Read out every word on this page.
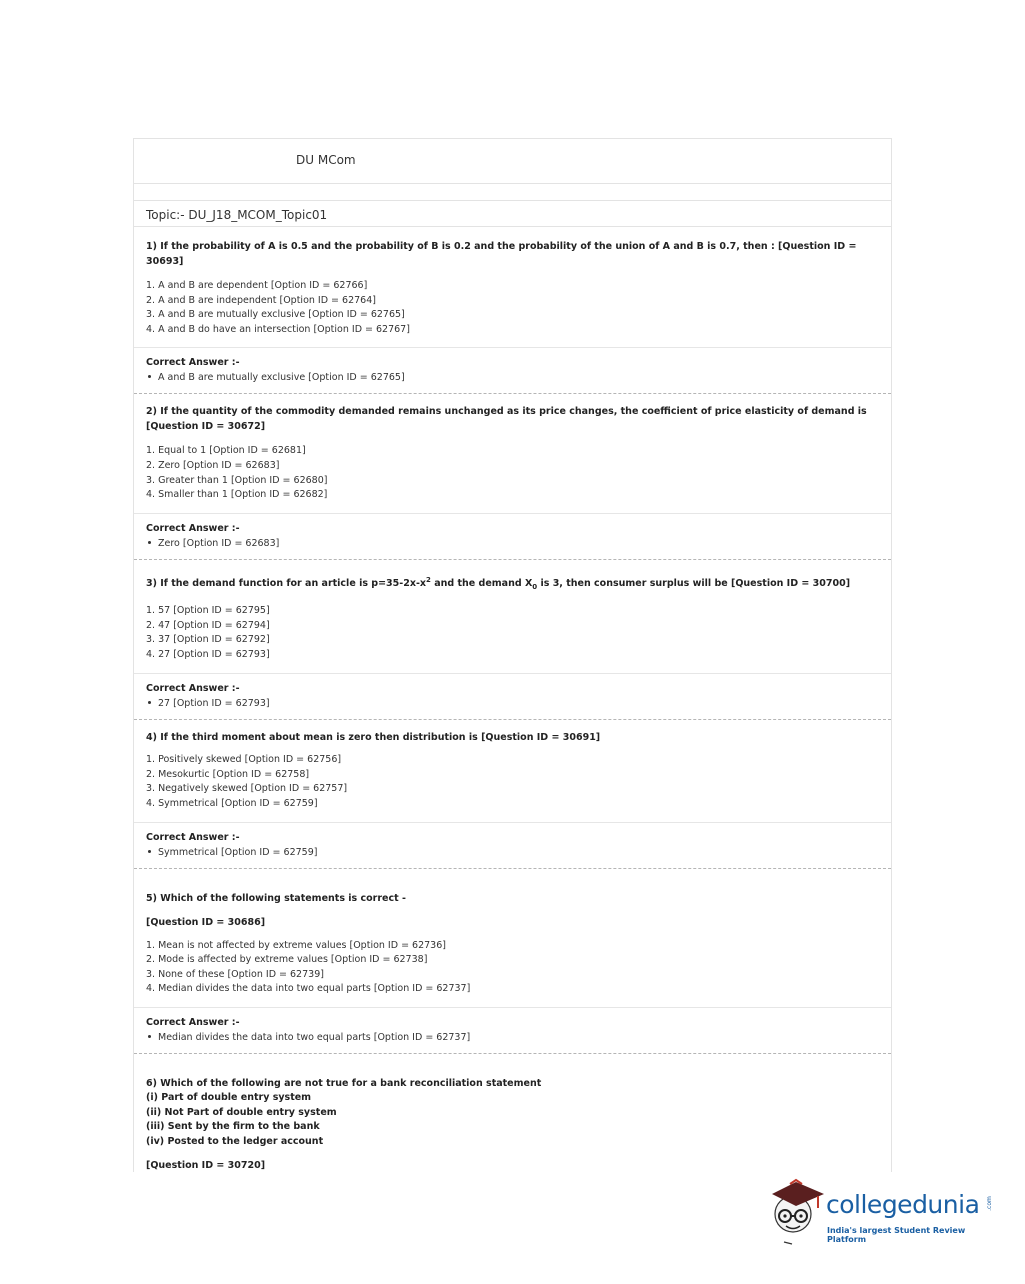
DU MCom
Topic:- DU_J18_MCOM_Topic01
1) If the probability of A is 0.5 and the probability of B is 0.2 and the probability of the union of A and B is 0.7, then : [Question ID = 30693]
1. A and B are dependent [Option ID = 62766]
2. A and B are independent [Option ID = 62764]
3. A and B are mutually exclusive [Option ID = 62765]
4. A and B do have an intersection [Option ID = 62767]
Correct Answer :-
A and B are mutually exclusive [Option ID = 62765]
2) If the quantity of the commodity demanded remains unchanged as its price changes, the coefficient of price elasticity of demand is [Question ID = 30672]
1. Equal to 1 [Option ID = 62681]
2. Zero [Option ID = 62683]
3. Greater than 1 [Option ID = 62680]
4. Smaller than 1 [Option ID = 62682]
Correct Answer :-
Zero [Option ID = 62683]
3) If the demand function for an article is $p=35-2x-x^2$ and the demand $X_0$ is 3, then consumer surplus will be [Question ID = 30700]
1. 57 [Option ID = 62795]
2. 47 [Option ID = 62794]
3. 37 [Option ID = 62792]
4. 27 [Option ID = 62793]
Correct Answer :-
27 [Option ID = 62793]
4) If the third moment about mean is zero then distribution is [Question ID = 30691]
1. Positively skewed [Option ID = 62756]
2. Mesokurtic [Option ID = 62758]
3. Negatively skewed [Option ID = 62757]
4. Symmetrical [Option ID = 62759]
Correct Answer :-
Symmetrical [Option ID = 62759]
5) Which of the following statements is correct -
[Question ID = 30686]
1. Mean is not affected by extreme values [Option ID = 62736]
2. Mode is affected by extreme values [Option ID = 62738]
3. None of these [Option ID = 62739]
4. Median divides the data into two equal parts [Option ID = 62737]
Correct Answer :-
Median divides the data into two equal parts [Option ID = 62737]
6) Which of the following are not true for a bank reconciliation statement
(i) Part of double entry system
(ii) Not Part of double entry system
(iii) Sent by the firm to the bank
(iv) Posted to the ledger account
[Question ID = 30720]
collegedunia .com
India's largest Student Review Platform
